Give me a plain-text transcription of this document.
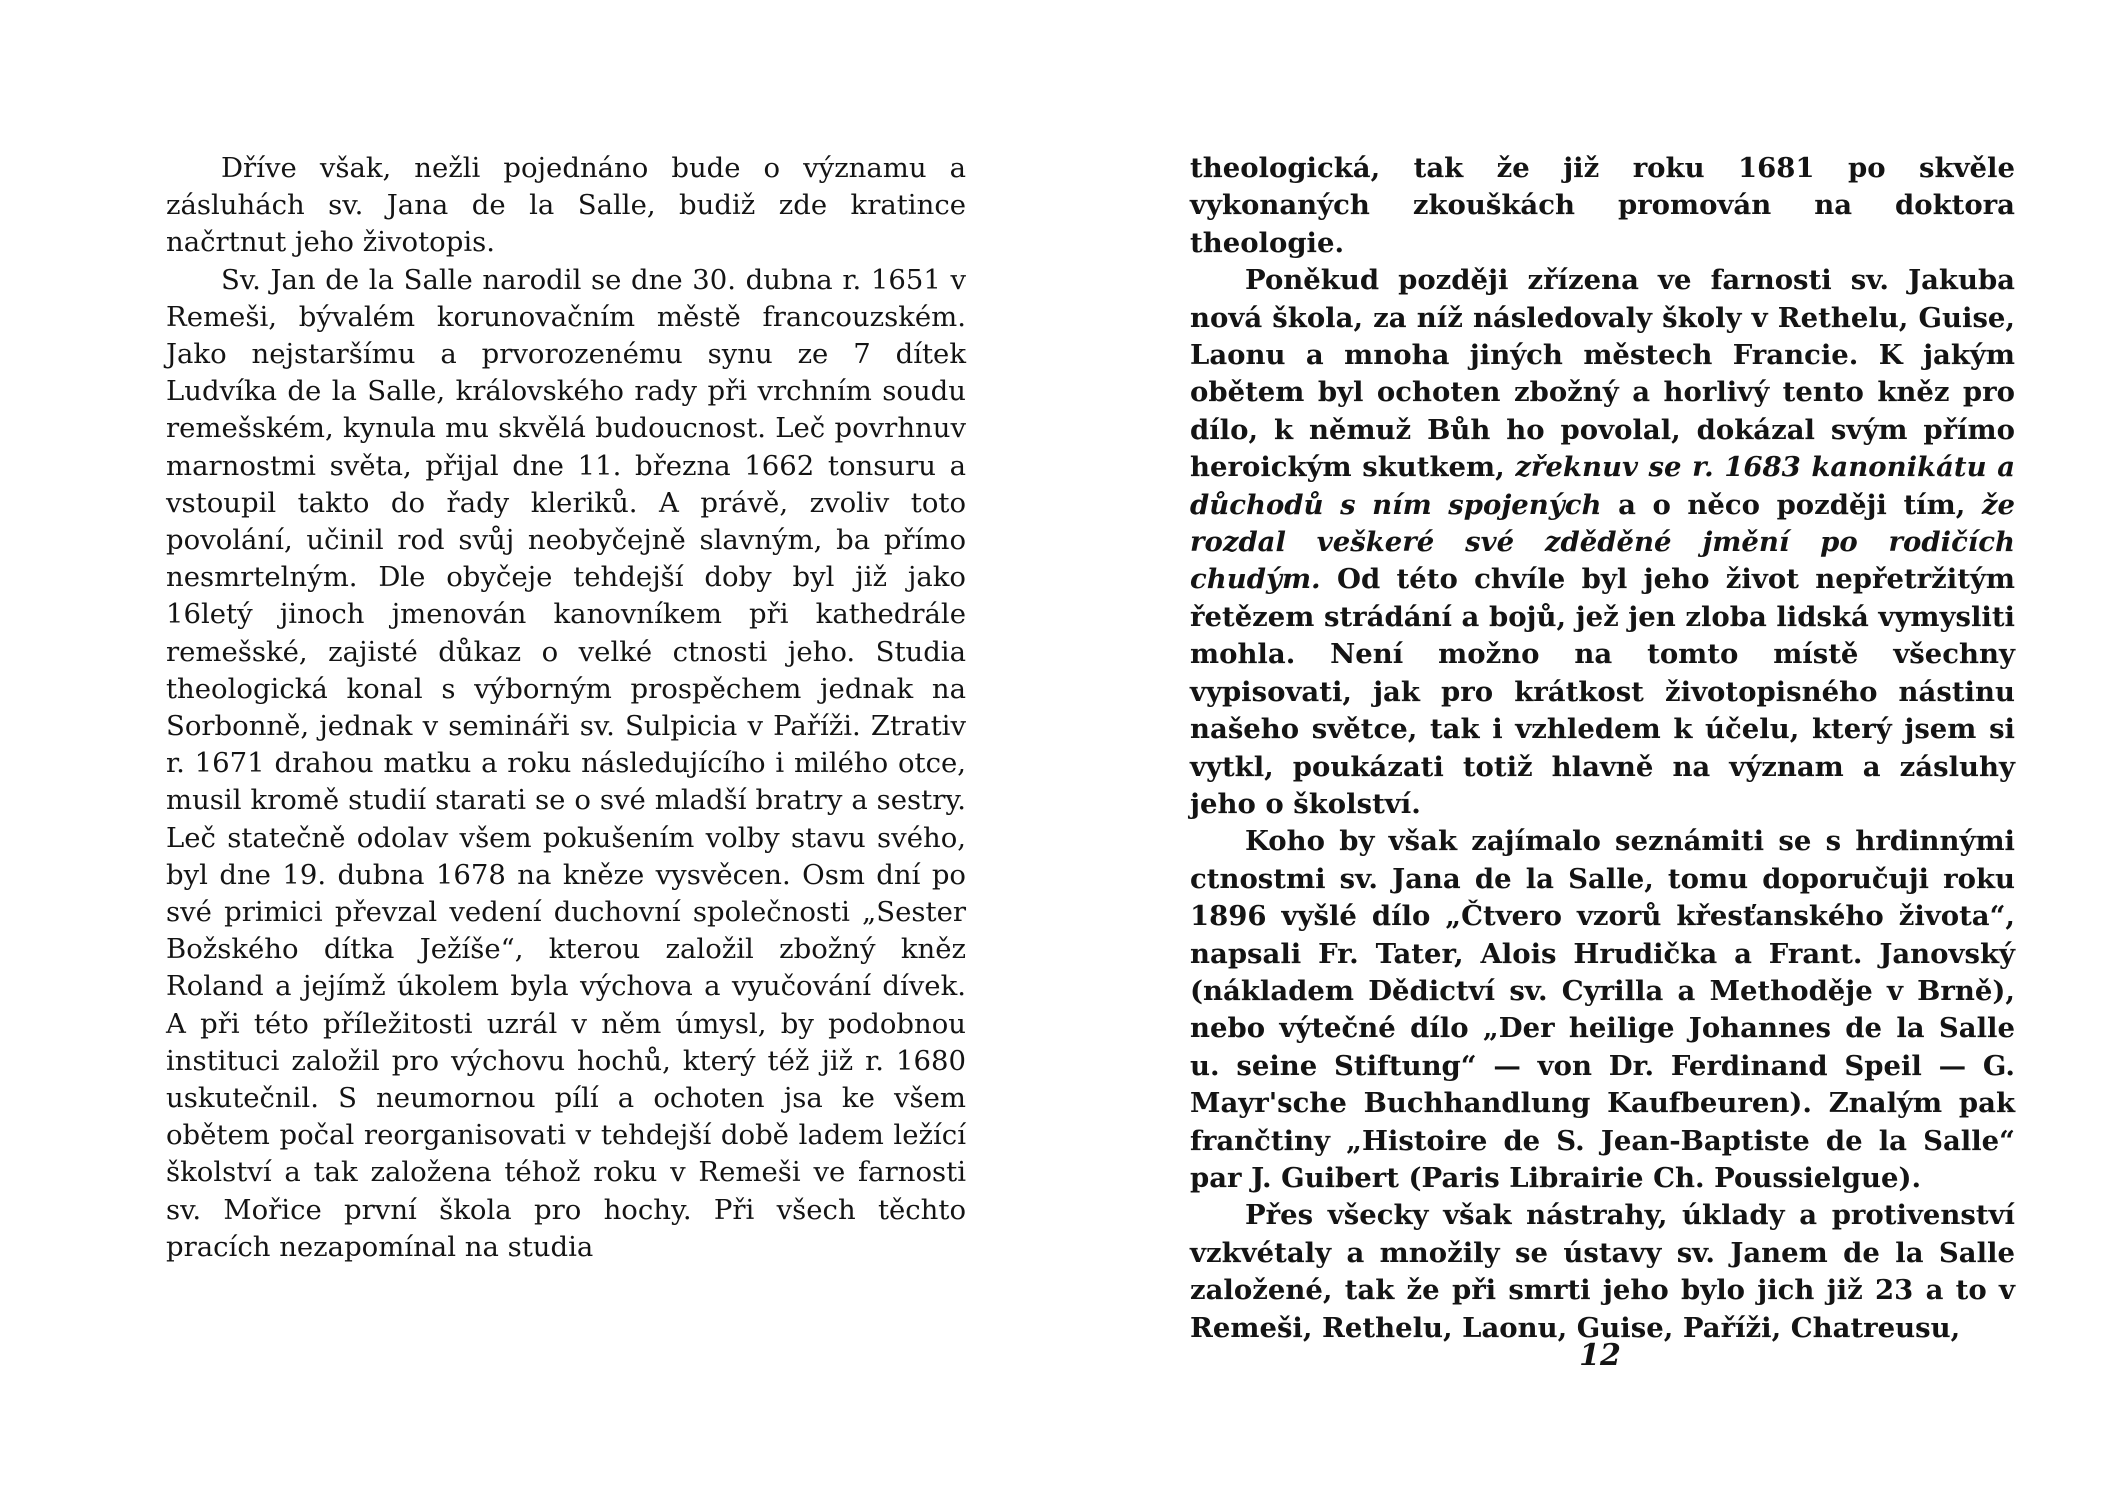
Dříve však, nežli pojednáno bude o významu a zásluhách sv. Jana de la Salle, budiž zde kratince načrtnut jeho životopis.

Sv. Jan de la Salle narodil se dne 30. dubna r. 1651 v Remeši, bývalém korunovačním městě francouzském. Jako nejstaršímu a prvorozenému synu ze 7 dítek Ludvíka de la Salle, královského rady při vrchním soudu remešském, kynula mu skvělá budoucnost. Leč povrhnuv marnostmi světa, přijal dne 11. března 1662 tonsuru a vstoupil takto do řady kleriků. A právě, zvoliv toto povolání, učinil rod svůj neobyčejně slavným, ba přímo nesmrtelným. Dle obyčeje tehdejší doby byl již jako 16letý jinoch jmenován kanovníkem při kathedrále remešské, zajisté důkaz o velké ctnosti jeho. Studia theologická konal s výborným prospěchem jednak na Sorbonně, jednak v semináři sv. Sulpicia v Paříži. Ztrativ r. 1671 drahou matku a roku následujícího i milého otce, musil kromě studií starati se o své mladší bratry a sestry. Leč statečně odolav všem pokušením volby stavu svého, byl dne 19. dubna 1678 na kněze vysvěcen. Osm dní po své primici převzal vedení duchovní společnosti „Sester Božského dítka Ježíše“, kterou založil zbožný kněz Roland a jejímž úkolem byla výchova a vyučování dívek. A při této příležitosti uzrál v něm úmysl, by podobnou instituci založil pro výchovu hochů, který též již r. 1680 uskutečnil. S neumornou pílí a ochoten jsa ke všem obětem počal reorganisovati v tehdejší době ladem ležící školství a tak založena téhož roku v Remeši ve farnosti sv. Mořice první škola pro hochy. Při všech těchto pracích nezapomínal na studia

theologická, tak že již roku 1681 po skvěle vykonaných zkouškách promován na doktora theologie.

Poněkud později zřízena ve farnosti sv. Jakuba nová škola, za níž následovaly školy v Rethelu, Guise, Laonu a mnoha jiných městech Francie. K jakým obětem byl ochoten zbožný a horlivý tento kněz pro dílo, k němuž Bůh ho povolal, dokázal svým přímo heroickým skutkem, zřeknuv se r. 1683 kanonikátu a důchodů s ním spojených a o něco později tím, že rozdal veškeré své zděděné jmění po rodičích chudým. Od této chvíle byl jeho život nepřetržitým řetězem strádání a bojů, jež jen zloba lidská vymysliti mohla. Není možno na tomto místě všechny vypisovati, jak pro krátkost životopisného nástinu našeho světce, tak i vzhledem k účelu, který jsem si vytkl, poukázati totiž hlavně na význam a zásluhy jeho o školství.

Koho by však zajímalo seznámiti se s hrdinnými ctnostmi sv. Jana de la Salle, tomu doporučuji roku 1896 vyšlé dílo „Čtvero vzorů křesťanského života“, napsali Fr. Tater, Alois Hrudička a Frant. Janovský (nákladem Dědictví sv. Cyrilla a Methoděje v Brně), nebo výtečné dílo „Der heilige Johannes de la Salle u. seine Stiftung“ — von Dr. Ferdinand Speil — G. Mayr'sche Buchhandlung Kaufbeuren). Znalým pak frančtiny „Histoire de S. Jean-Baptiste de la Salle“ par J. Guibert (Paris Librairie Ch. Poussielgue).

Přes všecky však nástrahy, úklady a protivenství vzkvétaly a množily se ústavy sv. Janem de la Salle založené, tak že při smrti jeho bylo jich již 23 a to v Remeši, Rethelu, Laonu, Guise, Paříži, Chatreusu,

12
